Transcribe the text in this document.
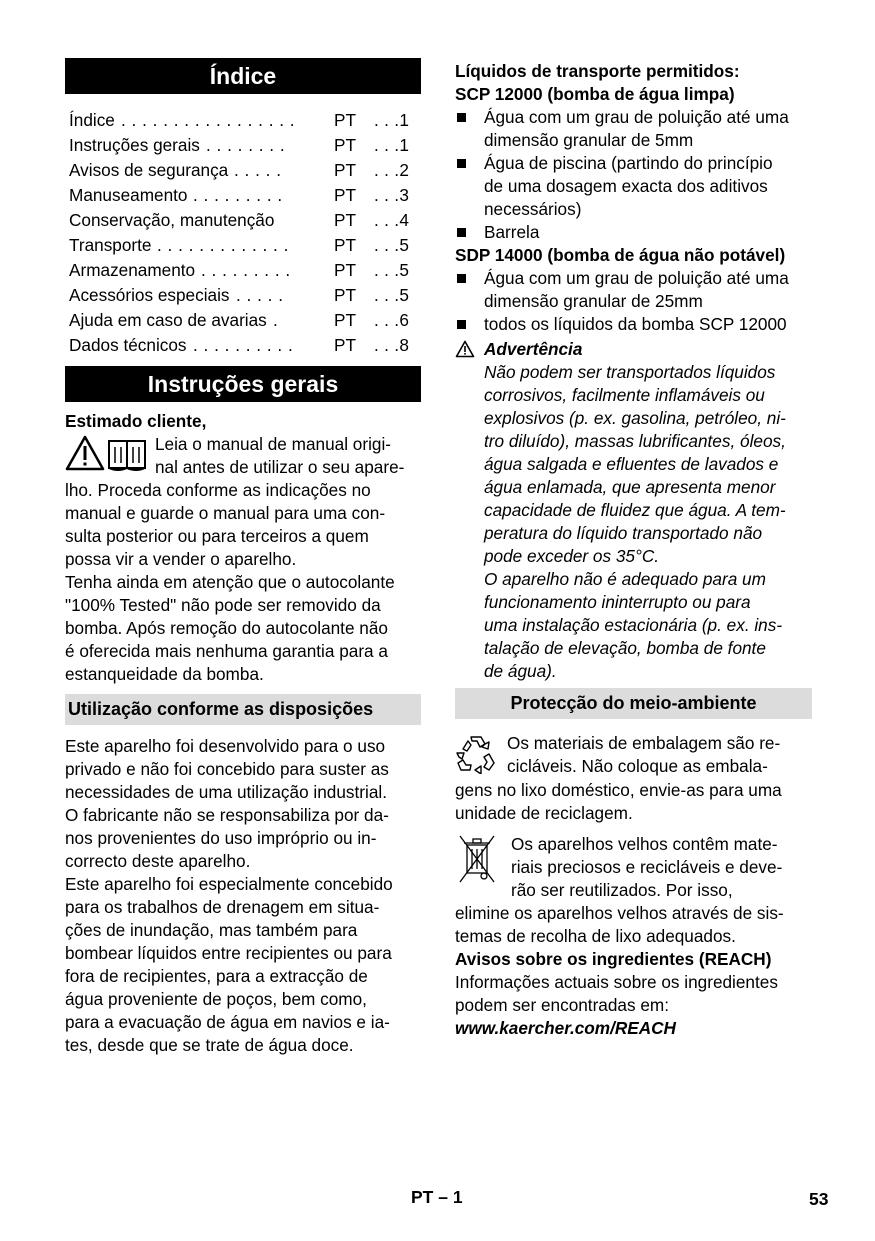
Índice
Índice . . . . . . . . . . . . . . . . . PT . . .1
Instruções gerais . . . . . . . .	PT . . .1
Avisos de segurança . . . . .	PT . . .2
Manuseamento . . . . . . . . .	PT . . .3
Conservação, manutenção	PT . . .4
Transporte . . . . . . . . . . . . .	PT . . .5
Armazenamento . . . . . . . . .	PT . . .5
Acessórios especiais . . . . .	PT . . .5
Ajuda em caso de avarias .	PT . . .6
Dados técnicos . . . . . . . . . . PT . . .8
Instruções gerais

Estimado cliente,

Leia o manual de manual origi-

nal antes de utilizar o seu apare-

lho. Proceda conforme as indicações no

manual e guarde o manual para uma con-

sulta posterior ou para terceiros a quem

possa vir a vender o aparelho.

Tenha ainda em atenção que o autocolante

"100% Tested" não pode ser removido da

bomba. Após remoção do autocolante não

é oferecida mais nenhuma garantia para a

estanqueidade da bomba.

Utilização conforme as disposições

Este aparelho foi desenvolvido para o uso

privado e não foi concebido para suster as

necessidades de uma utilização industrial.

O fabricante não se responsabiliza por da-

nos provenientes do uso impróprio ou in-

correcto deste aparelho.

Este aparelho foi especialmente concebido

para os trabalhos de drenagem em situa-

ções de inundação, mas também para

bombear líquidos entre recipientes ou para

fora de recipientes, para a extracção de

água proveniente de poços, bem como,

para a evacuação de água em navios e ia-

tes, desde que se trate de água doce.

Líquidos de transporte permitidos:

SCP 12000 (bomba de água limpa)

Água com um grau de poluição até uma
dimensão granular de 5mm
Água de piscina (partindo do princípio
de uma dosagem exacta dos aditivos
necessários)
Barrela

SDP 14000 (bomba de água não potável)

Água com um grau de poluição até uma
dimensão granular de 25mm
todos os líquidos da bomba SCP 12000

Advertência

Não podem ser transportados líquidos

corrosivos, facilmente inflamáveis ou

explosivos (p. ex. gasolina, petróleo, ni-

tro diluído), massas lubrificantes, óleos,

água salgada e efluentes de lavados e

água enlamada, que apresenta menor

capacidade de fluidez que água. A tem-

peratura do líquido transportado não

pode exceder os 35°C.

O aparelho não é adequado para um

funcionamento ininterrupto ou para

uma instalação estacionária (p. ex. ins-

talação de elevação, bomba de fonte

de água).

Protecção do meio-ambiente

Os materiais de embalagem são re-

cicláveis. Não coloque as embala-

gens no lixo doméstico, envie-as para uma

unidade de reciclagem.

Os aparelhos velhos contêm mate-

riais preciosos e recicláveis e deve-

rão ser reutilizados. Por isso,

elimine os aparelhos velhos através de sis-

temas de recolha de lixo adequados.

Avisos sobre os ingredientes (REACH)

Informações actuais sobre os ingredientes

podem ser encontradas em:

www.kaercher.com/REACH

PT – 1	53
